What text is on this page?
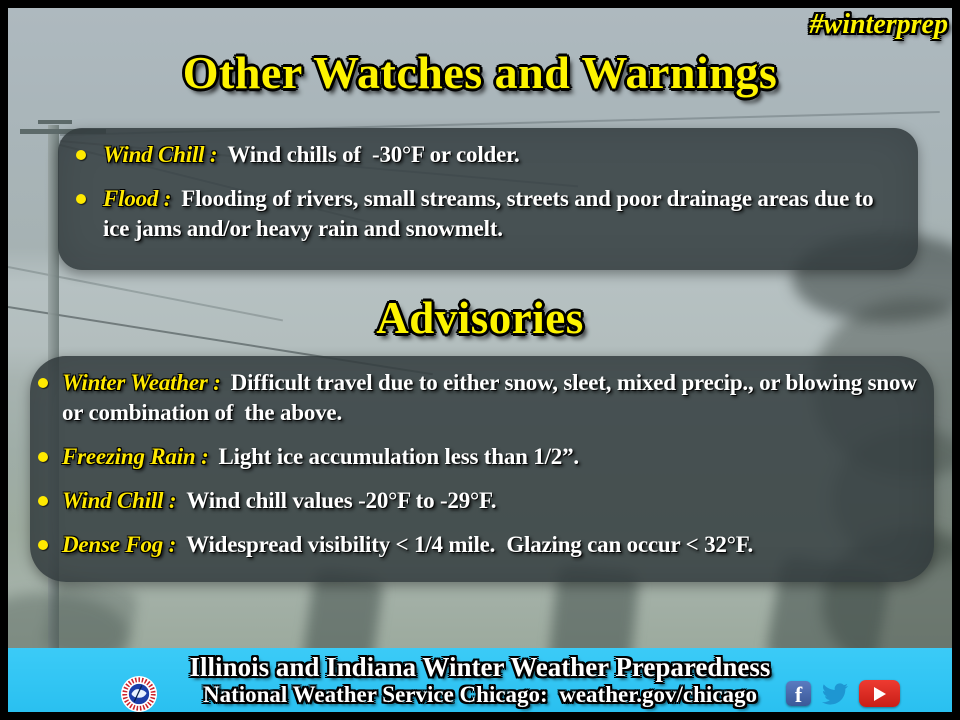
#winterprep
Other Watches and Warnings
Wind Chill : Wind chills of  -30°F or colder.
Flood : Flooding of rivers, small streams, streets and poor drainage areas due to ice jams and/or heavy rain and snowmelt.
Advisories
Winter Weather : Difficult travel due to either snow, sleet, mixed precip., or blowing snow or combination of  the above.
Freezing Rain : Light ice accumulation less than 1/2”.
Wind Chill : Wind chill values -20°F to -29°F.
Dense Fog : Widespread visibility < 1/4 mile.  Glazing can occur < 32°F.
Illinois and Indiana Winter Weather Preparedness
National Weather Service Chicago:  weather.gov/chicago f
